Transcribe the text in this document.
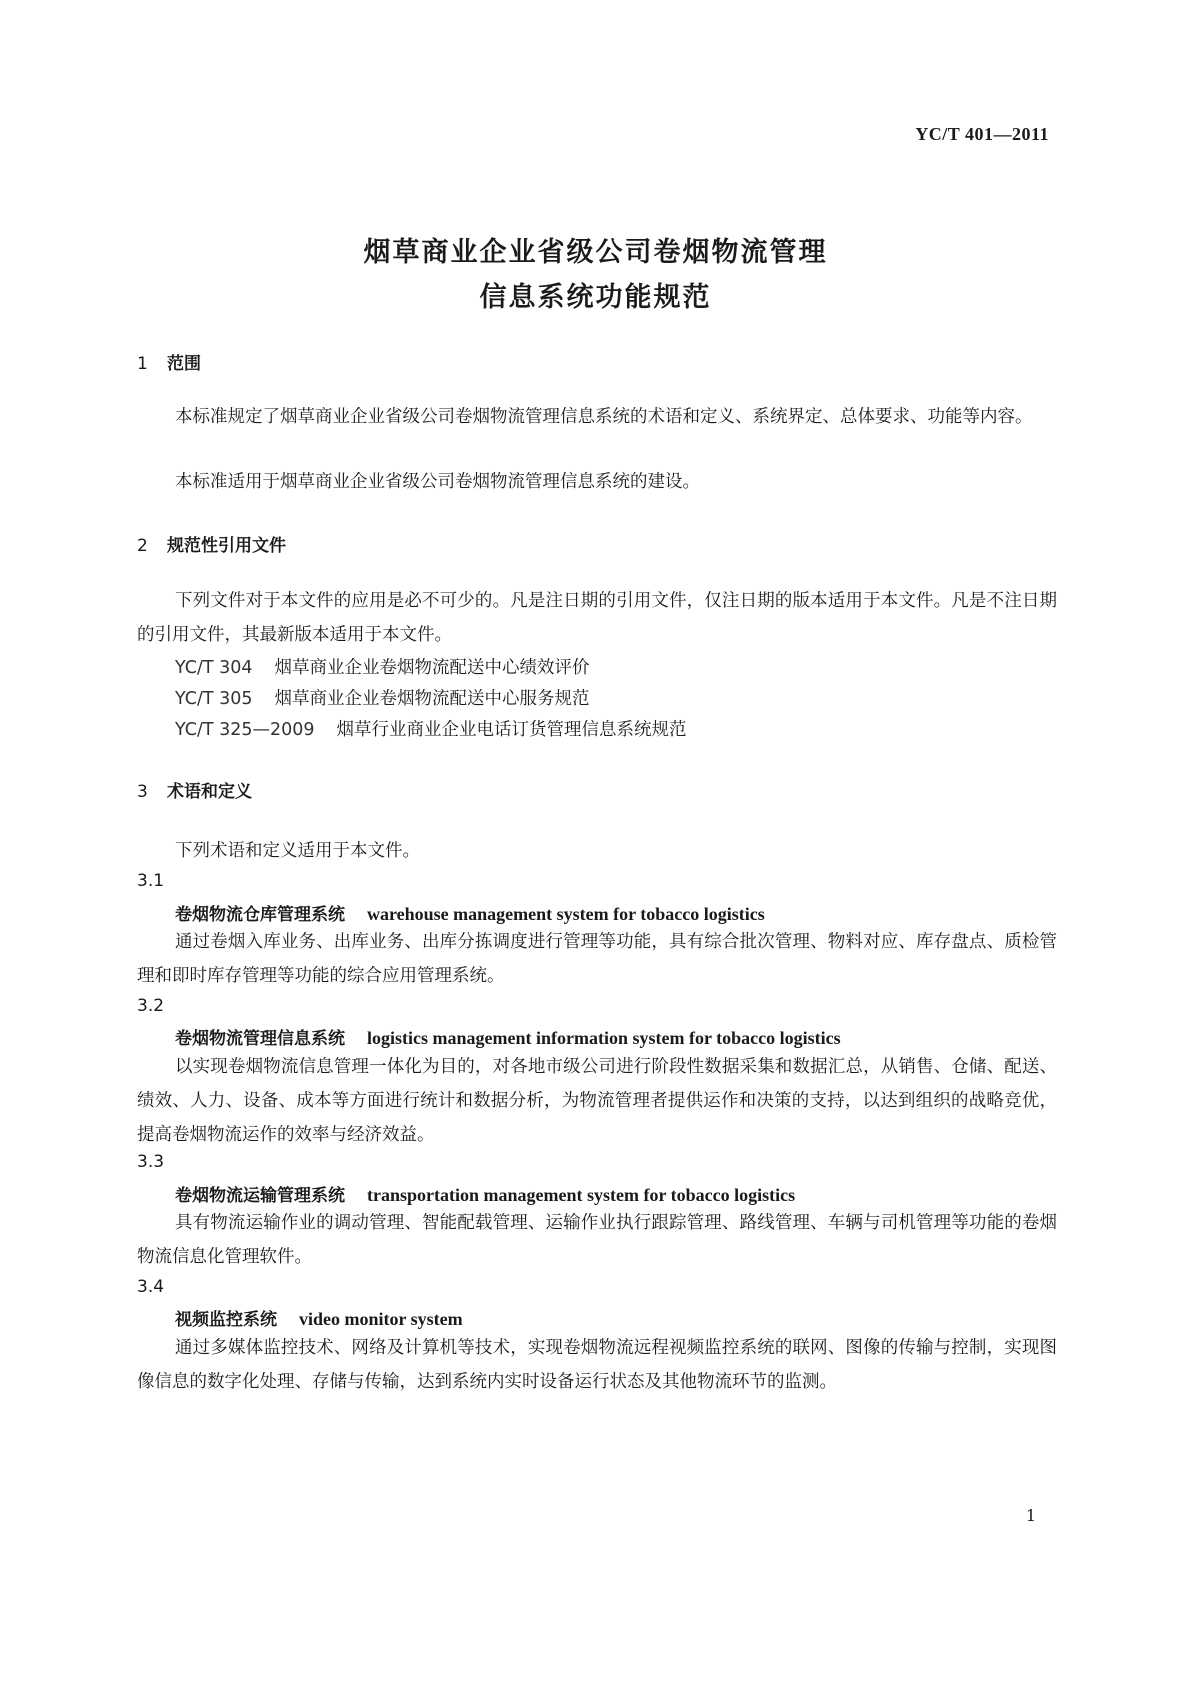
YC/T 401—2011
烟草商业企业省级公司卷烟物流管理
信息系统功能规范
1 范围

本标准规定了烟草商业企业省级公司卷烟物流管理信息系统的术语和定义、系统界定、总体要求、功能等内容。

本标准适用于烟草商业企业省级公司卷烟物流管理信息系统的建设。

2 规范性引用文件

下列文件对于本文件的应用是必不可少的。凡是注日期的引用文件，仅注日期的版本适用于本文件。凡是不注日期的引用文件，其最新版本适用于本文件。

YC/T 304 烟草商业企业卷烟物流配送中心绩效评价
YC/T 305 烟草商业企业卷烟物流配送中心服务规范
YC/T 325—2009 烟草行业商业企业电话订货管理信息系统规范
3 术语和定义
下列术语和定义适用于本文件。
3.1
卷烟物流仓库管理系统 warehouse management system for tobacco logistics

通过卷烟入库业务、出库业务、出库分拣调度进行管理等功能，具有综合批次管理、物料对应、库存盘点、质检管理和即时库存管理等功能的综合应用管理系统。

3.2
卷烟物流管理信息系统 logistics management information system for tobacco logistics

以实现卷烟物流信息管理一体化为目的，对各地市级公司进行阶段性数据采集和数据汇总，从销售、仓储、配送、绩效、人力、设备、成本等方面进行统计和数据分析，为物流管理者提供运作和决策的支持，以达到组织的战略竞优，提高卷烟物流运作的效率与经济效益。

3.3
卷烟物流运输管理系统 transportation management system for tobacco logistics

具有物流运输作业的调动管理、智能配载管理、运输作业执行跟踪管理、路线管理、车辆与司机管理等功能的卷烟物流信息化管理软件。

3.4
视频监控系统 video monitor system

通过多媒体监控技术、网络及计算机等技术，实现卷烟物流远程视频监控系统的联网、图像的传输与控制，实现图像信息的数字化处理、存储与传输，达到系统内实时设备运行状态及其他物流环节的监测。

1
